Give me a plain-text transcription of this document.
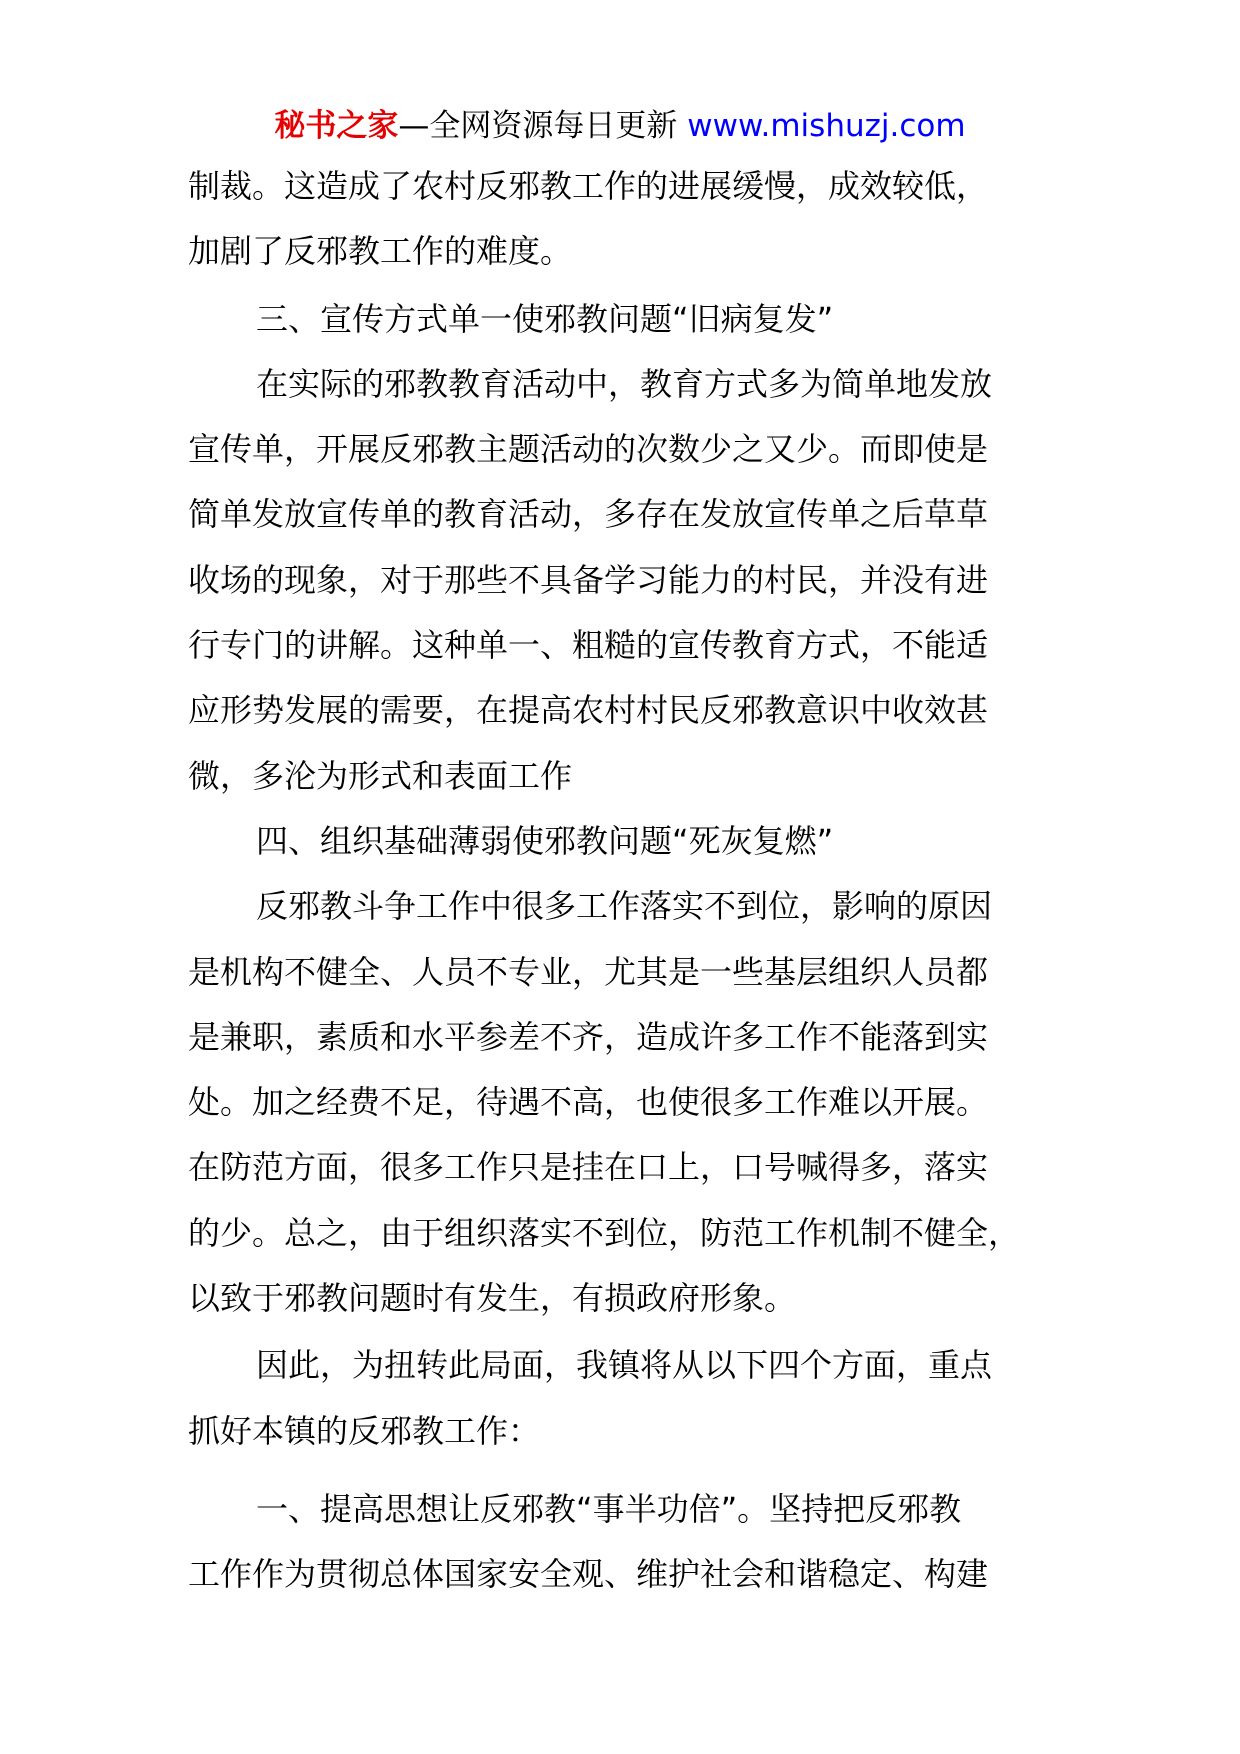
秘书之家—全网资源每日更新 www.mishuzj.com
制裁。这造成了农村反邪教工作的进展缓慢，成效较低，
加剧了反邪教工作的难度。
三、宣传方式单一使邪教问题“旧病复发”
在实际的邪教教育活动中，教育方式多为简单地发放
宣传单，开展反邪教主题活动的次数少之又少。而即使是
简单发放宣传单的教育活动，多存在发放宣传单之后草草
收场的现象，对于那些不具备学习能力的村民，并没有进
行专门的讲解。这种单一、粗糙的宣传教育方式，不能适
应形势发展的需要，在提高农村村民反邪教意识中收效甚
微，多沦为形式和表面工作
四、组织基础薄弱使邪教问题“死灰复燃”
反邪教斗争工作中很多工作落实不到位，影响的原因
是机构不健全、人员不专业，尤其是一些基层组织人员都
是兼职，素质和水平参差不齐，造成许多工作不能落到实
处。加之经费不足，待遇不高，也使很多工作难以开展。
在防范方面，很多工作只是挂在口上，口号喊得多，落实
的少。总之，由于组织落实不到位，防范工作机制不健全，
以致于邪教问题时有发生，有损政府形象。
因此，为扭转此局面，我镇将从以下四个方面，重点
抓好本镇的反邪教工作：
一、提高思想让反邪教“事半功倍”。坚持把反邪教
工作作为贯彻总体国家安全观、维护社会和谐稳定、构建
